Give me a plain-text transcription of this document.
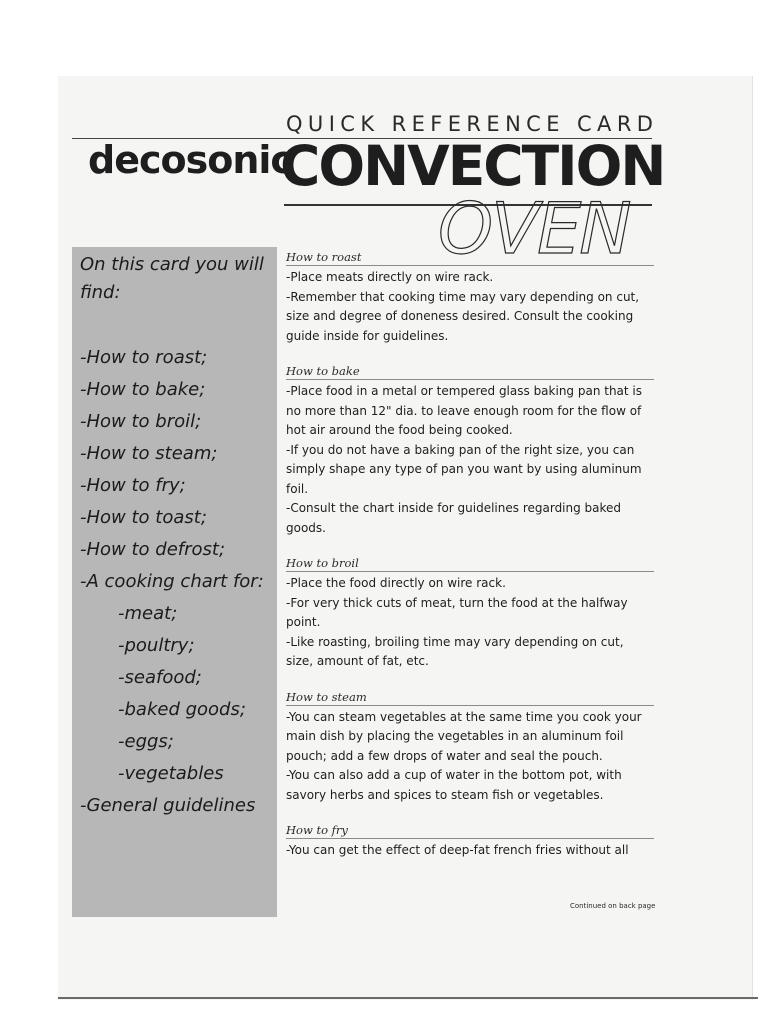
QUICK REFERENCE CARD
decosonic
CONVECTION
OVEN
On this card you will find:
-How to roast;
-How to bake;
-How to broil;
-How to steam;
-How to fry;
-How to toast;
-How to defrost;
-A cooking chart for:
-meat;
-poultry;
-seafood;
-baked goods;
-eggs;
-vegetables
-General guidelines
How to roast

-Place meats directly on wire rack.

-Remember that cooking time may vary depending on cut, size and degree of doneness desired. Consult the cooking guide inside for guidelines.

How to bake

-Place food in a metal or tempered glass baking pan that is no more than 12" dia. to leave enough room for the flow of hot air around the food being cooked.

-If you do not have a baking pan of the right size, you can simply shape any type of pan you want by using aluminum foil.

-Consult the chart inside for guidelines regarding baked goods.

How to broil

-Place the food directly on wire rack.

-For very thick cuts of meat, turn the food at the halfway point.

-Like roasting, broiling time may vary depending on cut, size, amount of fat, etc.

How to steam

-You can steam vegetables at the same time you cook your main dish by placing the vegetables in an aluminum foil pouch; add a few drops of water and seal the pouch.

-You can also add a cup of water in the bottom pot, with savory herbs and spices to steam fish or vegetables.

How to fry

-You can get the effect of deep-fat french fries without all

Continued on back page
